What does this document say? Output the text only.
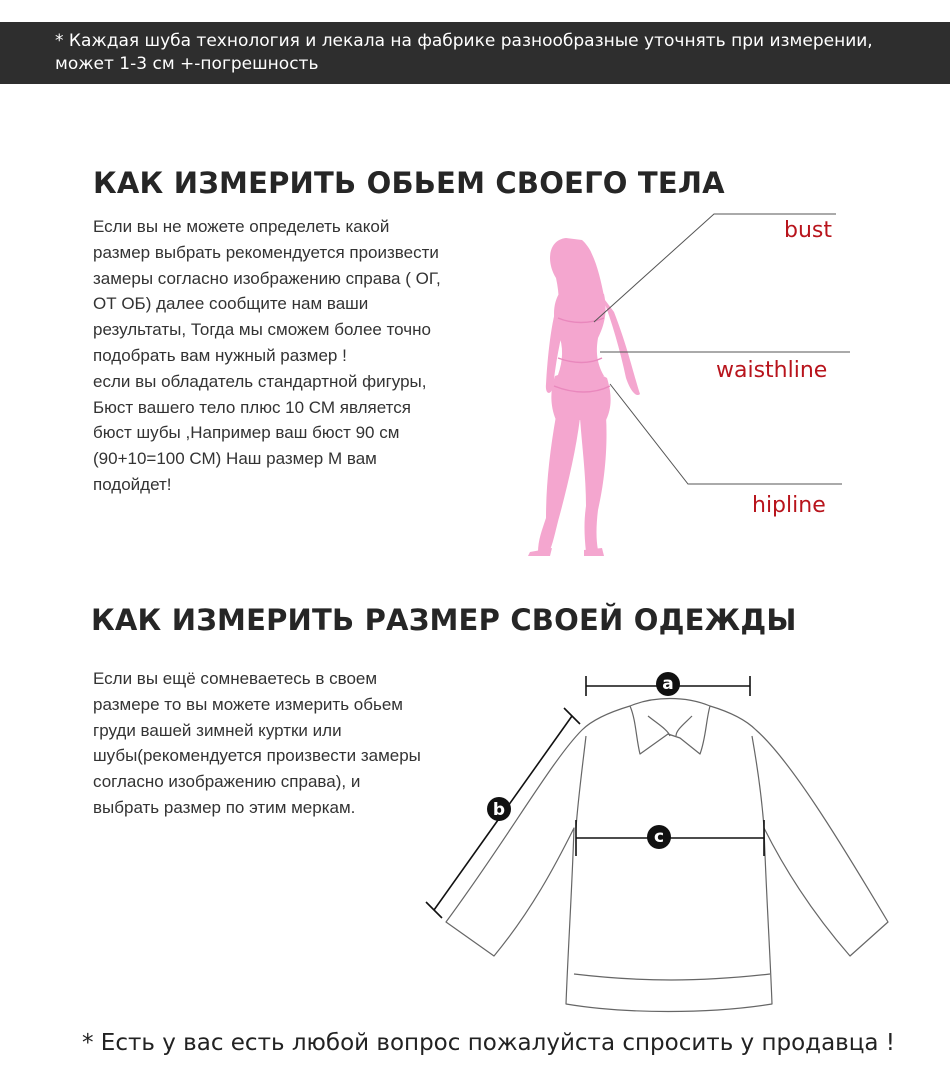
* Каждая шуба технология и лекала на фабрике разнообразные уточнять при измерении,
может 1-3 см +-погрешность
КАК ИЗМЕРИТЬ ОБЬЕМ СВОЕГО ТЕЛА
Если вы не можете определеть какой
размер выбрать рекомендуется произвести
замеры согласно изображению справа ( ОГ,
ОТ ОБ) далее сообщите нам ваши
результаты, Тогда мы сможем более точно
подобрать вам нужный размер !
если вы обладатель стандартной фигуры,
Бюст вашего тело плюс 10 СМ является
бюст шубы ,Например ваш бюст 90 см
(90+10=100 СМ) Наш размер M вам
подойдет!
bust
waisthline
hipline
КАК ИЗМЕРИТЬ РАЗМЕР СВОЕЙ ОДЕЖДЫ
Если вы ещё сомневаетесь в своем
размере то вы можете измерить обьем
груди вашей зимней куртки или
шубы(рекомендуется произвести замеры
согласно изображению справа), и
выбрать размер по этим меркам.
a
b
c

* Есть у вас есть любой вопрос пожалуйста спросить у продавца !
